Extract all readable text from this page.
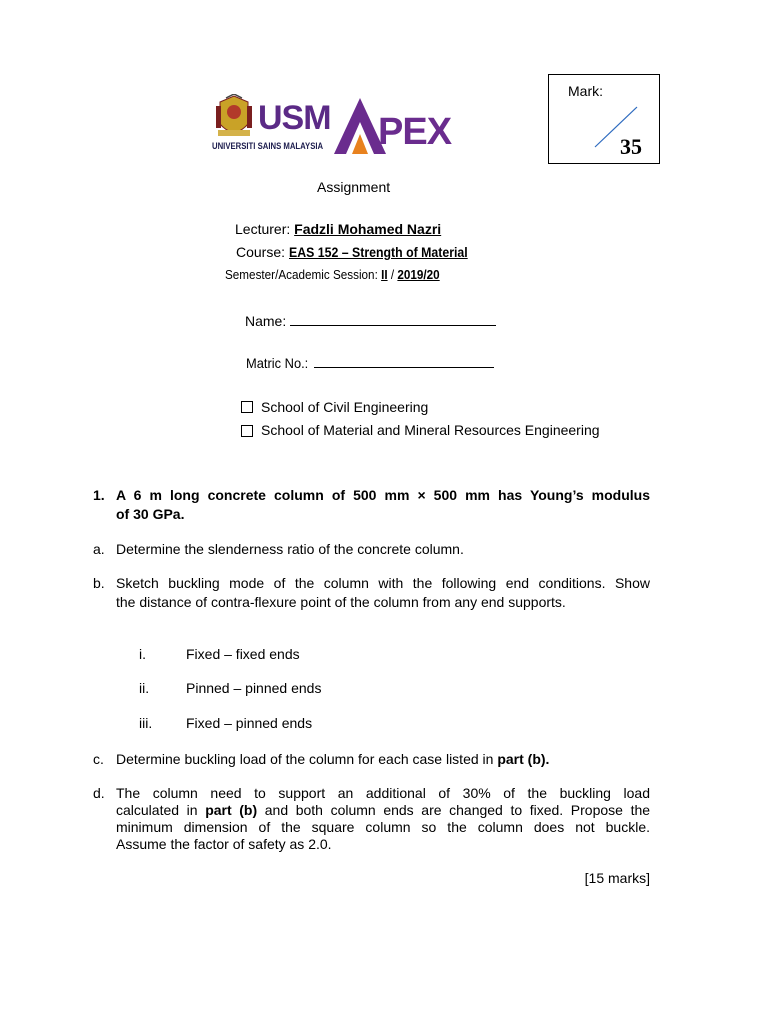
Mark:
35
USM
UNIVERSITI SAINS MALAYSIA PEX
Assignment
Lecturer: Fadzli Mohamed Nazri
Course: EAS 152 – Strength of Material
Semester/Academic Session: II / 2019/20
Name:
Matric No.:
School of Civil Engineering
School of Material and Mineral Resources Engineering
1. A 6 m long concrete column of 500 mm × 500 mm has Young’s modulus
of 30 GPa.
a. Determine the slenderness ratio of the concrete column.
b. Sketch buckling mode of the column with the following end conditions. Show
the distance of contra-flexure point of the column from any end supports.
i.	Fixed – fixed ends
ii.	Pinned – pinned ends
iii. Fixed – pinned ends
c. Determine buckling load of the column for each case listed in part (b).
d. The column need to support an additional of 30% of the buckling load
calculated in part (b) and both column ends are changed to fixed. Propose the
minimum dimension of the square column so the column does not buckle.
Assume the factor of safety as 2.0.
[15 marks]
